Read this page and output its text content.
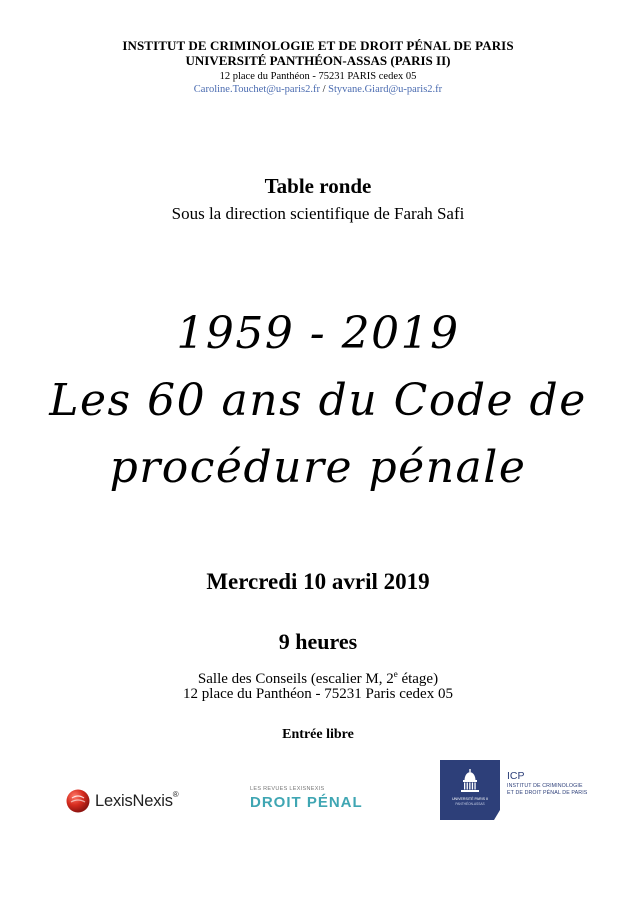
INSTITUT DE CRIMINOLOGIE ET DE DROIT PÉNAL DE PARIS
UNIVERSITÉ PANTHÉON-ASSAS (PARIS II)
12 place du Panthéon - 75231 PARIS cedex 05
Caroline.Touchet@u-paris2.fr / Styvane.Giard@u-paris2.fr
Table ronde
Sous la direction scientifique de Farah Safi
1959 - 2019
Les 60 ans du Code de
procédure pénale
Mercredi 10 avril 2019
9 heures
Salle des Conseils (escalier M, 2e étage)
12 place du Panthéon - 75231 Paris cedex 05
Entrée libre
LexisNexis®
LES REVUES LEXISNEXIS
DROIT PÉNAL	UNIVERSITÉ PARIS II
PANTHÉON-ASSAS
ICP
INSTITUT DE CRIMINOLOGIE
ET DE DROIT PÉNAL DE PARIS
